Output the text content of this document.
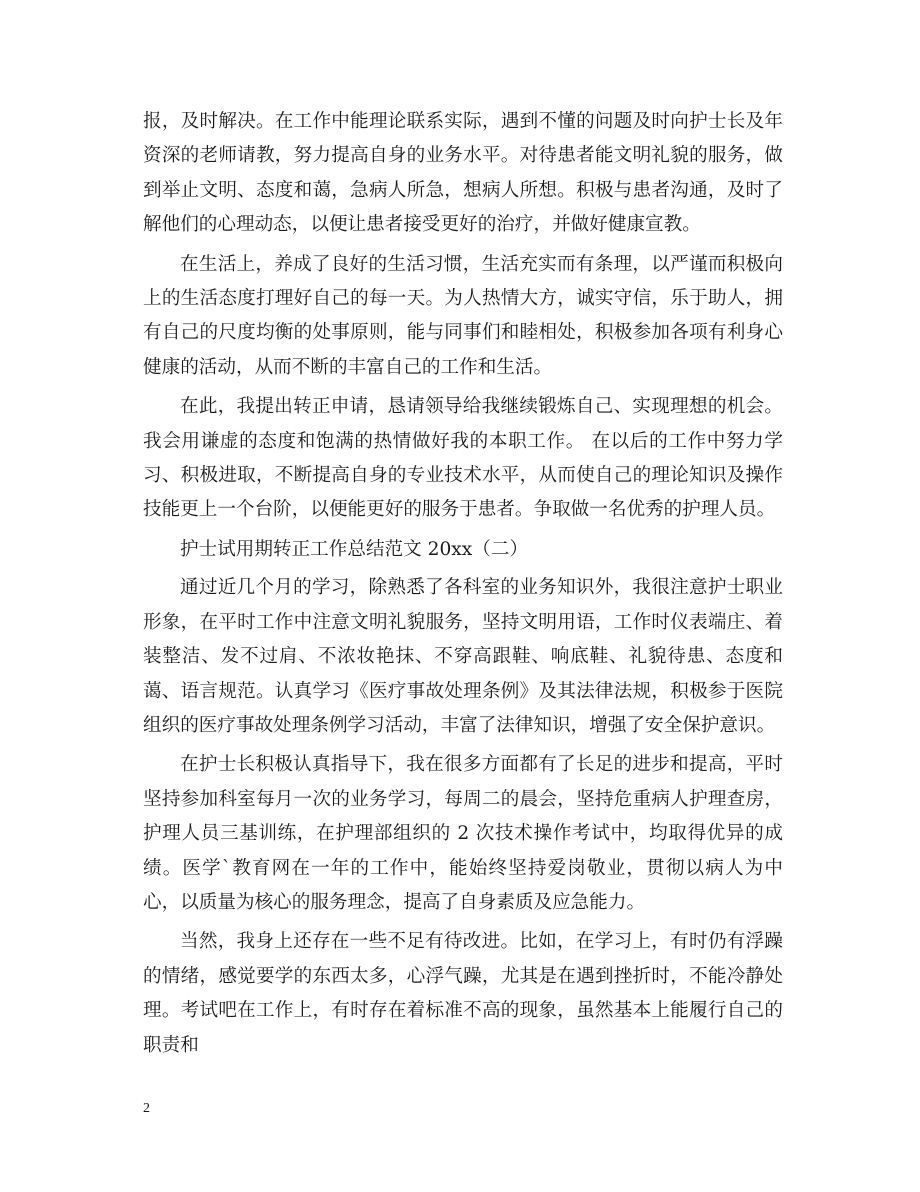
报，及时解决。在工作中能理论联系实际，遇到不懂的问题及时向护士长及年资深的老师请教，努力提高自身的业务水平。对待患者能文明礼貌的服务，做到举止文明、态度和蔼，急病人所急，想病人所想。积极与患者沟通，及时了解他们的心理动态，以便让患者接受更好的治疗，并做好健康宣教。

在生活上，养成了良好的生活习惯，生活充实而有条理，以严谨而积极向上的生活态度打理好自己的每一天。为人热情大方，诚实守信，乐于助人，拥有自己的尺度均衡的处事原则，能与同事们和睦相处，积极参加各项有利身心健康的活动，从而不断的丰富自己的工作和生活。

在此，我提出转正申请，恳请领导给我继续锻炼自己、实现理想的机会。我会用谦虚的态度和饱满的热情做好我的本职工作。 在以后的工作中努力学习、积极进取，不断提高自身的专业技术水平，从而使自己的理论知识及操作技能更上一个台阶，以便能更好的服务于患者。争取做一名优秀的护理人员。

护士试用期转正工作总结范文 20xx（二）

通过近几个月的学习，除熟悉了各科室的业务知识外，我很注意护士职业形象，在平时工作中注意文明礼貌服务，坚持文明用语，工作时仪表端庄、着装整洁、发不过肩、不浓妆艳抹、不穿高跟鞋、响底鞋、礼貌待患、态度和蔼、语言规范。认真学习《医疗事故处理条例》及其法律法规，积极参于医院组织的医疗事故处理条例学习活动，丰富了法律知识，增强了安全保护意识。

在护士长积极认真指导下，我在很多方面都有了长足的进步和提高，平时坚持参加科室每月一次的业务学习，每周二的晨会，坚持危重病人护理查房，护理人员三基训练，在护理部组织的 2 次技术操作考试中，均取得优异的成绩。医学`教育网在一年的工作中，能始终坚持爱岗敬业，贯彻以病人为中心，以质量为核心的服务理念，提高了自身素质及应急能力。

当然，我身上还存在一些不足有待改进。比如，在学习上，有时仍有浮躁的情绪，感觉要学的东西太多，心浮气躁，尤其是在遇到挫折时，不能冷静处理。考试吧在工作上，有时存在着标准不高的现象，虽然基本上能履行自己的职责和

2
